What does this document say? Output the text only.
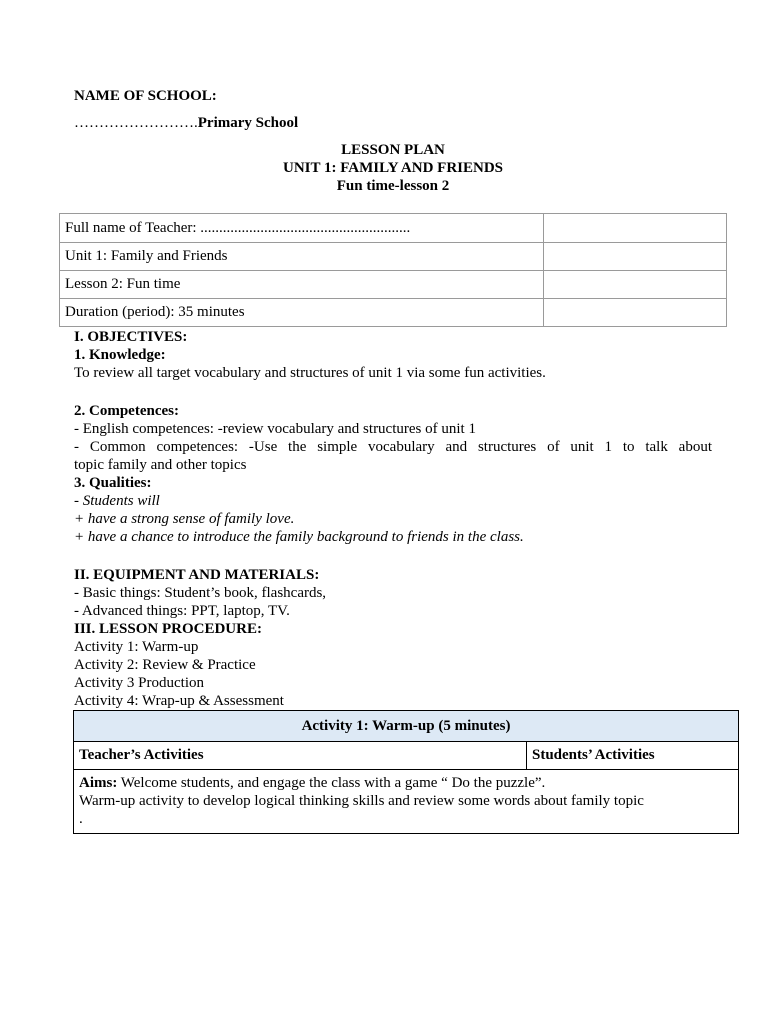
NAME OF SCHOOL:
…………………….Primary School
LESSON PLAN
UNIT 1: FAMILY AND FRIENDS
Fun time-lesson 2
Full name of Teacher: ........................................................	
Unit 1: Family and Friends	
Lesson 2: Fun time	
Duration (period): 35 minutes	
I. OBJECTIVES:
1. Knowledge:
To review all target vocabulary and structures of unit 1 via some fun activities.
2. Competences:
- English competences: -review vocabulary and structures of unit 1
- Common competences: -Use the simple vocabulary and structures of unit 1 to talk about
topic family and other topics
3. Qualities:
- Students will
+ have a strong sense of family love.
+ have a chance to introduce the family background to friends in the class.
II. EQUIPMENT AND MATERIALS:
- Basic things: Student’s book, flashcards,
- Advanced things: PPT, laptop, TV.
III. LESSON PROCEDURE:
Activity 1: Warm-up
Activity 2: Review & Practice
Activity 3 Production
Activity 4: Wrap-up & Assessment
Activity 1: Warm-up (5 minutes)
Teacher’s Activities	Students’ Activities

Aims: Welcome students, and engage the class with a game “ Do the puzzle”.
Warm-up activity to develop logical thinking skills and review some words about family topic
.
